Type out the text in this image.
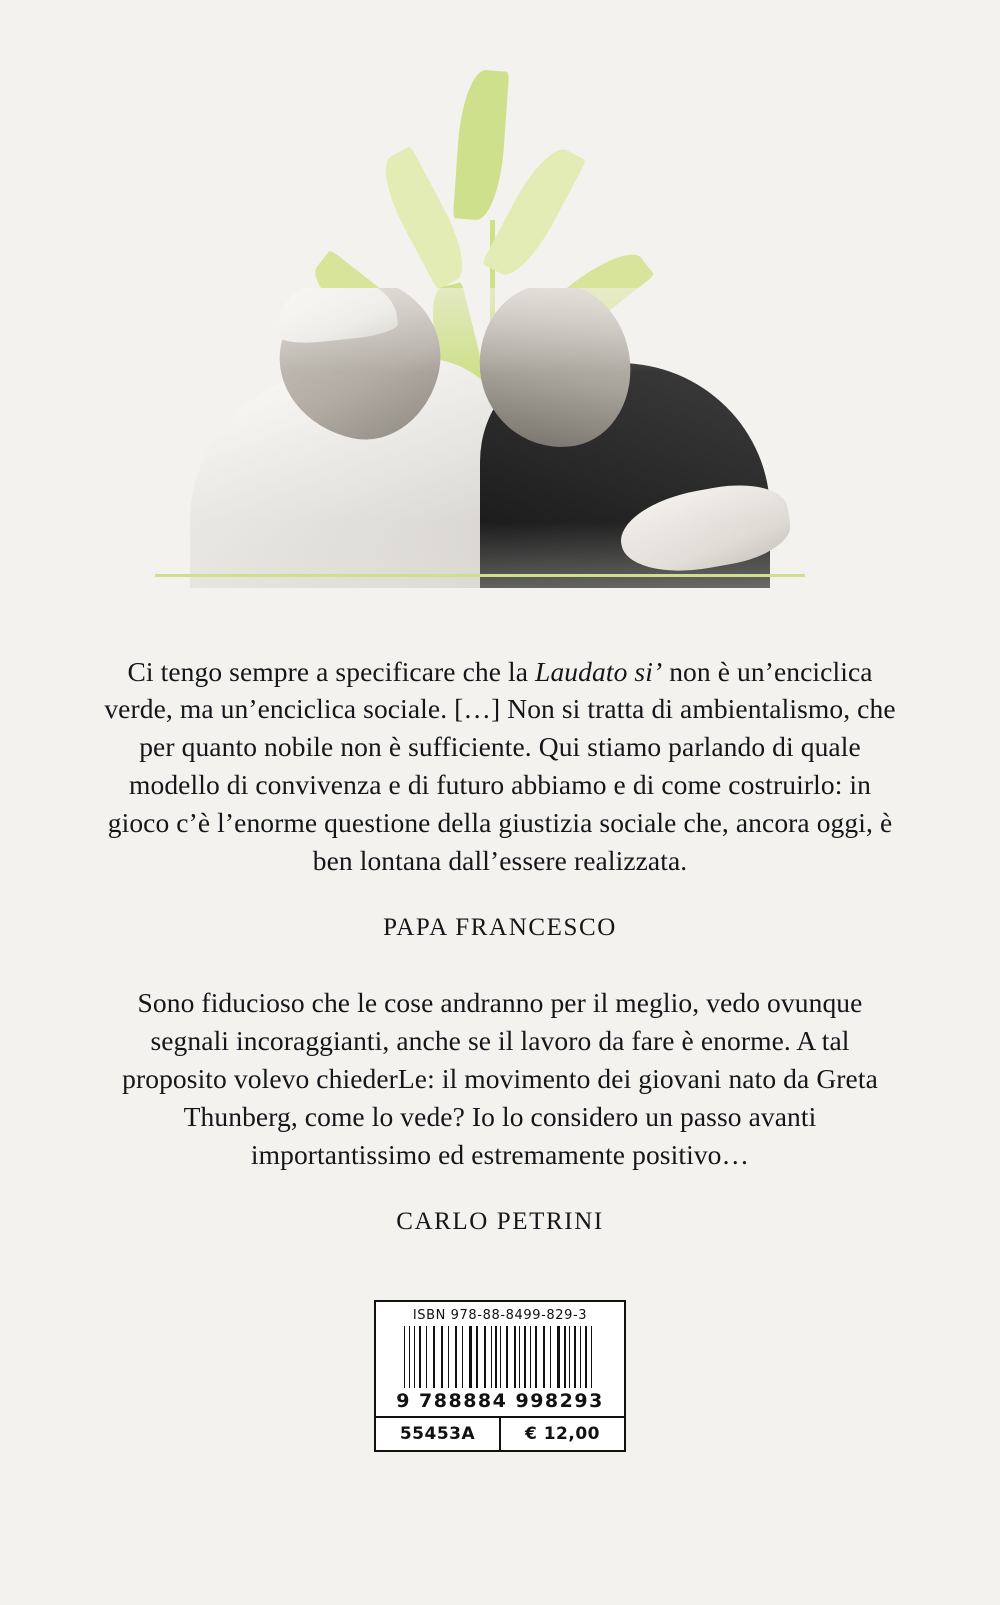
Ci tengo sempre a specificare che la Laudato si’ non è un’enciclica verde, ma un’enciclica sociale. […] Non si tratta di ambientalismo, che per quanto nobile non è sufficiente. Qui stiamo parlando di quale modello di convivenza e di futuro abbiamo e di come costruirlo: in gioco c’è l’enorme questione della giustizia sociale che, ancora oggi, è ben lontana dall’essere realizzata.

PAPA FRANCESCO

Sono fiducioso che le cose andranno per il meglio, vedo ovunque segnali incoraggianti, anche se il lavoro da fare è enorme. A tal proposito volevo chiederLe: il movimento dei giovani nato da Greta Thunberg, come lo vede? Io lo considero un passo avanti importantissimo ed estremamente positivo…

CARLO PETRINI
ISBN 978-88-8499-829-3
9 788884 998293
55453A	€ 12,00
